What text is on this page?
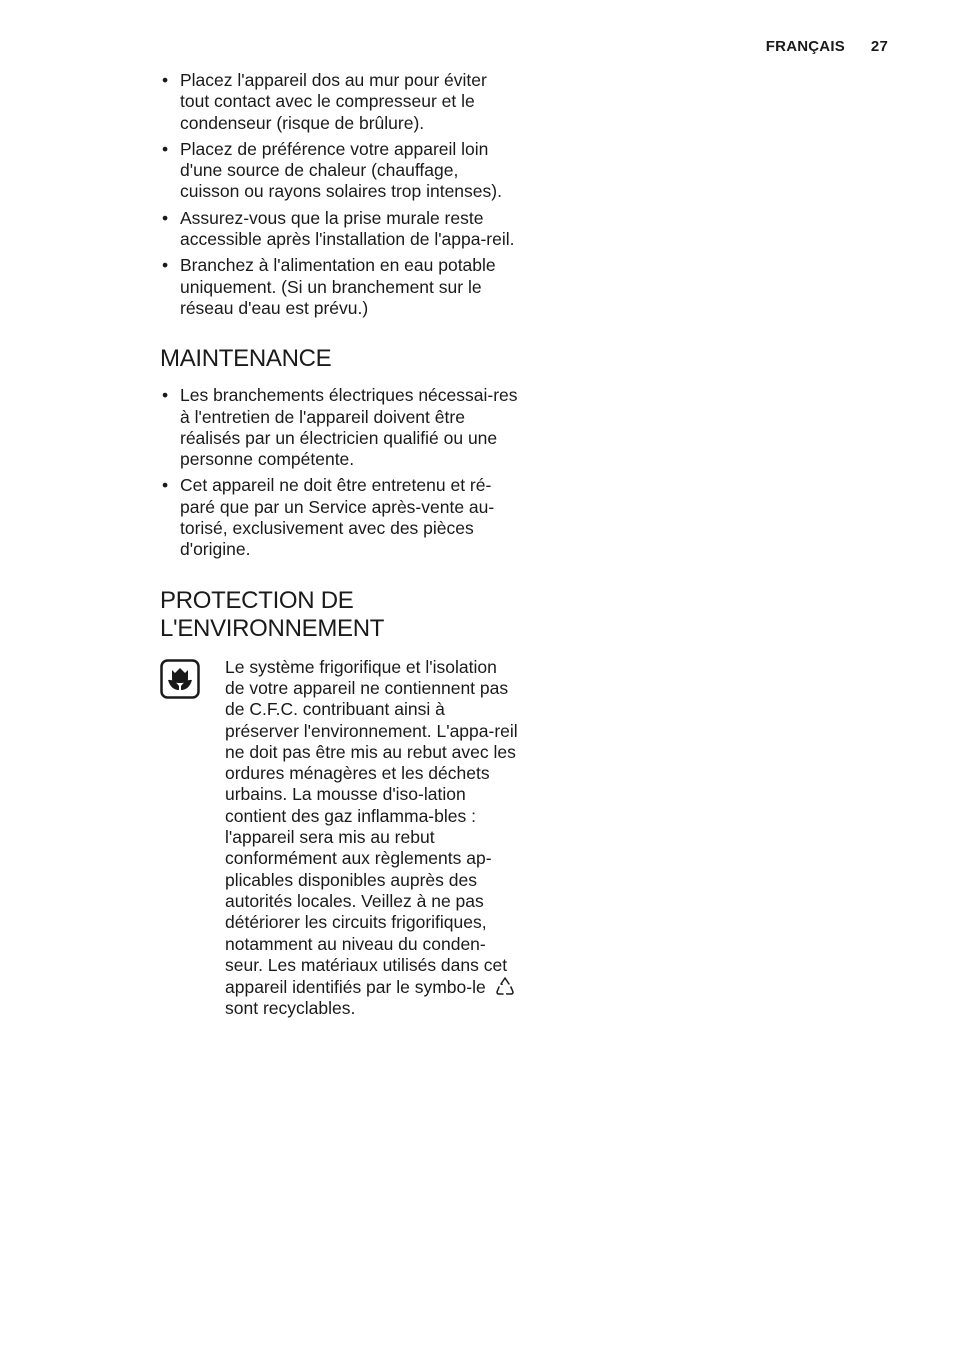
FRANÇAIS 27
• Placez l'appareil dos au mur pour éviter tout contact avec le compresseur et le condenseur (risque de brûlure).
• Placez de préférence votre appareil loin d'une source de chaleur (chauffage, cuisson ou rayons solaires trop intenses).
• Assurez-vous que la prise murale reste accessible après l'installation de l'appa-reil.
• Branchez à l'alimentation en eau potable uniquement. (Si un branchement sur le réseau d'eau est prévu.)
MAINTENANCE
• Les branchements électriques nécessai-res à l'entretien de l'appareil doivent être réalisés par un électricien qualifié ou une personne compétente.
• Cet appareil ne doit être entretenu et ré-paré que par un Service après-vente au-torisé, exclusivement avec des pièces d'origine.
PROTECTION DE
L'ENVIRONNEMENT
Le système frigorifique et l'isolation de votre appareil ne contiennent pas de C.F.C. contribuant ainsi à préserver l'environnement. L'appa-reil ne doit pas être mis au rebut avec les ordures ménagères et les déchets urbains. La mousse d'iso-lation contient des gaz inflamma-bles : l'appareil sera mis au rebut conformément aux règlements ap-plicables disponibles auprès des autorités locales. Veillez à ne pas détériorer les circuits frigorifiques, notamment au niveau du conden-seur. Les matériaux utilisés dans cet appareil identifiés par le symbo-le  sont recyclables.
